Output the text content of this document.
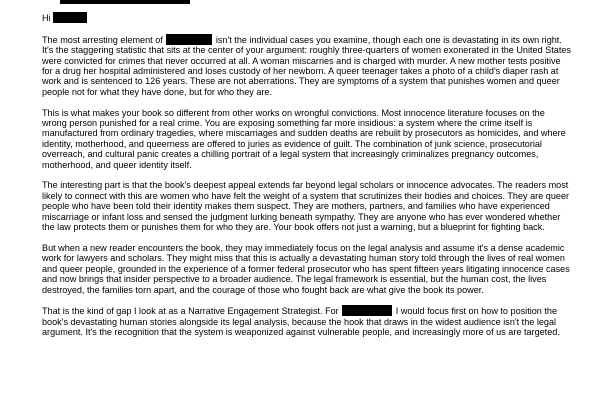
Hi

The most arresting element of	isn't the individual cases you examine, though each one is devastating in its own right. It's the staggering statistic that sits at the center of your argument: roughly three-quarters of women exonerated in the United States were convicted for crimes that never occurred at all. A woman miscarries and is charged with murder. A new mother tests positive for a drug her hospital administered and loses custody of her newborn. A queer teenager takes a photo of a child's diaper rash at work and is sentenced to 126 years. These are not aberrations. They are symptoms of a system that punishes women and queer people not for what they have done, but for who they are.

This is what makes your book so different from other works on wrongful convictions. Most innocence literature focuses on the wrong person punished for a real crime. You are exposing something far more insidious: a system where the crime itself is manufactured from ordinary tragedies, where miscarriages and sudden deaths are rebuilt by prosecutors as homicides, and where identity, motherhood, and queerness are offered to juries as evidence of guilt. The combination of junk science, prosecutorial overreach, and cultural panic creates a chilling portrait of a legal system that increasingly criminalizes pregnancy outcomes, motherhood, and queer identity itself.

The interesting part is that the book's deepest appeal extends far beyond legal scholars or innocence advocates. The readers most likely to connect with this are women who have felt the weight of a system that scrutinizes their bodies and choices. They are queer people who have been told their identity makes them suspect. They are mothers, partners, and families who have experienced miscarriage or infant loss and sensed the judgment lurking beneath sympathy. They are anyone who has ever wondered whether the law protects them or punishes them for who they are. Your book offers not just a warning, but a blueprint for fighting back.

But when a new reader encounters the book, they may immediately focus on the legal analysis and assume it's a dense academic work for lawyers and scholars. They might miss that this is actually a devastating human story told through the lives of real women and queer people, grounded in the experience of a former federal prosecutor who has spent fifteen years litigating innocence cases and now brings that insider perspective to a broader audience. The legal framework is essential, but the human cost, the lives destroyed, the families torn apart, and the courage of those who fought back are what give the book its power.

That is the kind of gap I look at as a Narrative Engagement Strategist. For	I would focus first on how to position the book's devastating human stories alongside its legal analysis, because the hook that draws in the widest audience isn't the legal argument. It's the recognition that the system is weaponized against vulnerable people, and increasingly more of us are targeted.
